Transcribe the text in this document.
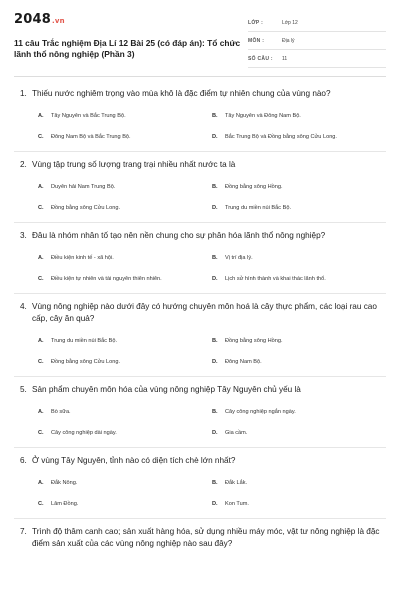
2048.vn
11 câu Trắc nghiệm Địa Lí 12 Bài 25 (có đáp án): Tổ chức lãnh thổ nông nghiệp (Phần 3)
LỚP :	Lớp 12
MÔN :	Địa lý
SỐ CÂU :	11
1. Thiếu nước nghiêm trọng vào mùa khô là đặc điểm tự nhiên chung của vùng nào?
A.	Tây Nguyên và Bắc Trung Bộ.	B.	Tây Nguyên và Đông Nam Bộ.
C.	Đông Nam Bộ và Bắc Trung Bộ.	D.	Bắc Trung Bộ và Đồng bằng sông Cửu Long.
2. Vùng tập trung số lượng trang trại nhiều nhất nước ta là
A.	Duyên hải Nam Trung Bộ.	B.	Đồng bằng sông Hồng.
C.	Đồng bằng sông Cửu Long.	D.	Trung du miền núi Bắc Bộ.
3. Đâu là nhóm nhân tố tạo nên nền chung cho sự phân hóa lãnh thổ nông nghiệp?
A.	Điều kiện kinh tế - xã hội.	B.	Vị trí địa lý.
C.	Điều kiện tự nhiên và tài nguyên thiên nhiên.	D.	Lịch sử hình thành và khai thác lãnh thổ.
4. Vùng nông nghiệp nào dưới đây có hướng chuyên môn hoá là cây thực phẩm, các loại rau cao cấp, cây ăn quả?
A.	Trung du miền núi Bắc Bộ.	B.	Đồng bằng sông Hồng.
C.	Đồng bằng sông Cửu Long.	D.	Đông Nam Bộ.
5. Sản phẩm chuyên môn hóa của vùng nông nghiệp Tây Nguyên chủ yếu là
A.	Bò sữa.	B.	Cây công nghiệp ngắn ngày.
C.	Cây công nghiệp dài ngày.	D.	Gia cầm.
6. Ở vùng Tây Nguyên, tỉnh nào có diện tích chè lớn nhất?
A.	Đắk Nông.	B.	Đắk Lắk.
C.	Lâm Đồng.	D.	Kon Tum.
7. Trình độ thâm canh cao; sản xuất hàng hóa, sử dụng nhiều máy móc, vật tư nông nghiệp là đặc điểm sản xuất của các vùng nông nghiệp nào sau đây?
